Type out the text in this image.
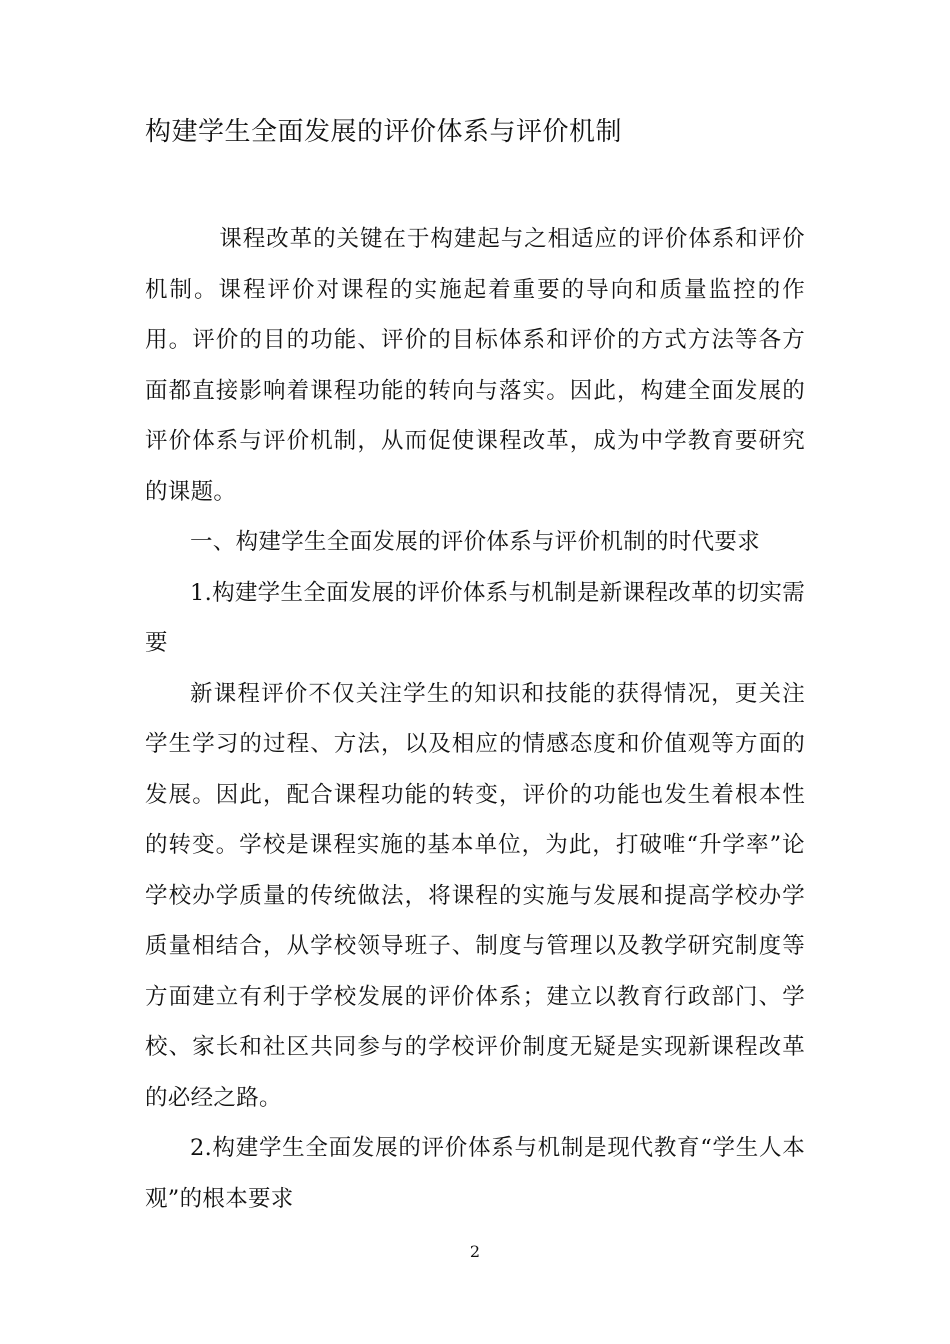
构建学生全面发展的评价体系与评价机制

课程改革的关键在于构建起与之相适应的评价体系和评价机制。课程评价对课程的实施起着重要的导向和质量监控的作用。评价的目的功能、评价的目标体系和评价的方式方法等各方面都直接影响着课程功能的转向与落实。因此，构建全面发展的评价体系与评价机制，从而促使课程改革，成为中学教育要研究的课题。

一、构建学生全面发展的评价体系与评价机制的时代要求

1.构建学生全面发展的评价体系与机制是新课程改革的切实需要

新课程评价不仅关注学生的知识和技能的获得情况，更关注学生学习的过程、方法，以及相应的情感态度和价值观等方面的发展。因此，配合课程功能的转变，评价的功能也发生着根本性的转变。学校是课程实施的基本单位，为此，打破唯“升学率”论学校办学质量的传统做法，将课程的实施与发展和提高学校办学质量相结合，从学校领导班子、制度与管理以及教学研究制度等方面建立有利于学校发展的评价体系；建立以教育行政部门、学校、家长和社区共同参与的学校评价制度无疑是实现新课程改革的必经之路。

2.构建学生全面发展的评价体系与机制是现代教育“学生人本观”的根本要求

2
